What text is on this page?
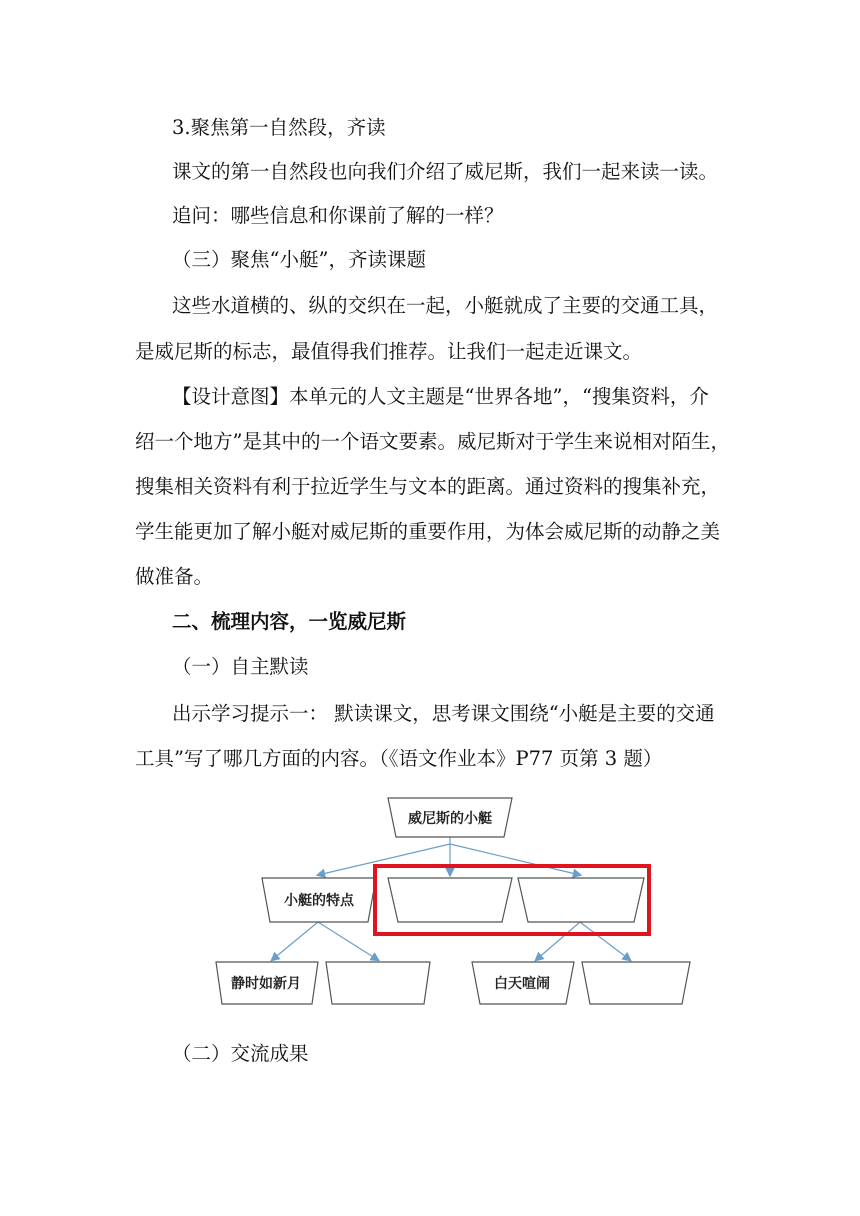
3.聚焦第一自然段，齐读
课文的第一自然段也向我们介绍了威尼斯，我们一起来读一读。
追问：哪些信息和你课前了解的一样？
（三）聚焦“小艇”，齐读课题
这些水道横的、纵的交织在一起，小艇就成了主要的交通工具，
是威尼斯的标志，最值得我们推荐。让我们一起走近课文。
【设计意图】本单元的人文主题是“世界各地”，“搜集资料，介
绍一个地方”是其中的一个语文要素。威尼斯对于学生来说相对陌生，
搜集相关资料有利于拉近学生与文本的距离。通过资料的搜集补充，
学生能更加了解小艇对威尼斯的重要作用，为体会威尼斯的动静之美
做准备。
二、梳理内容，一览威尼斯
（一）自主默读
出示学习提示一： 默读课文，思考课文围绕“小艇是主要的交通
工具”写了哪几方面的内容。（《语文作业本》P77 页第 3 题）
威尼斯的小艇
小艇的特点
静时如新月	白天喧闹
（二）交流成果
